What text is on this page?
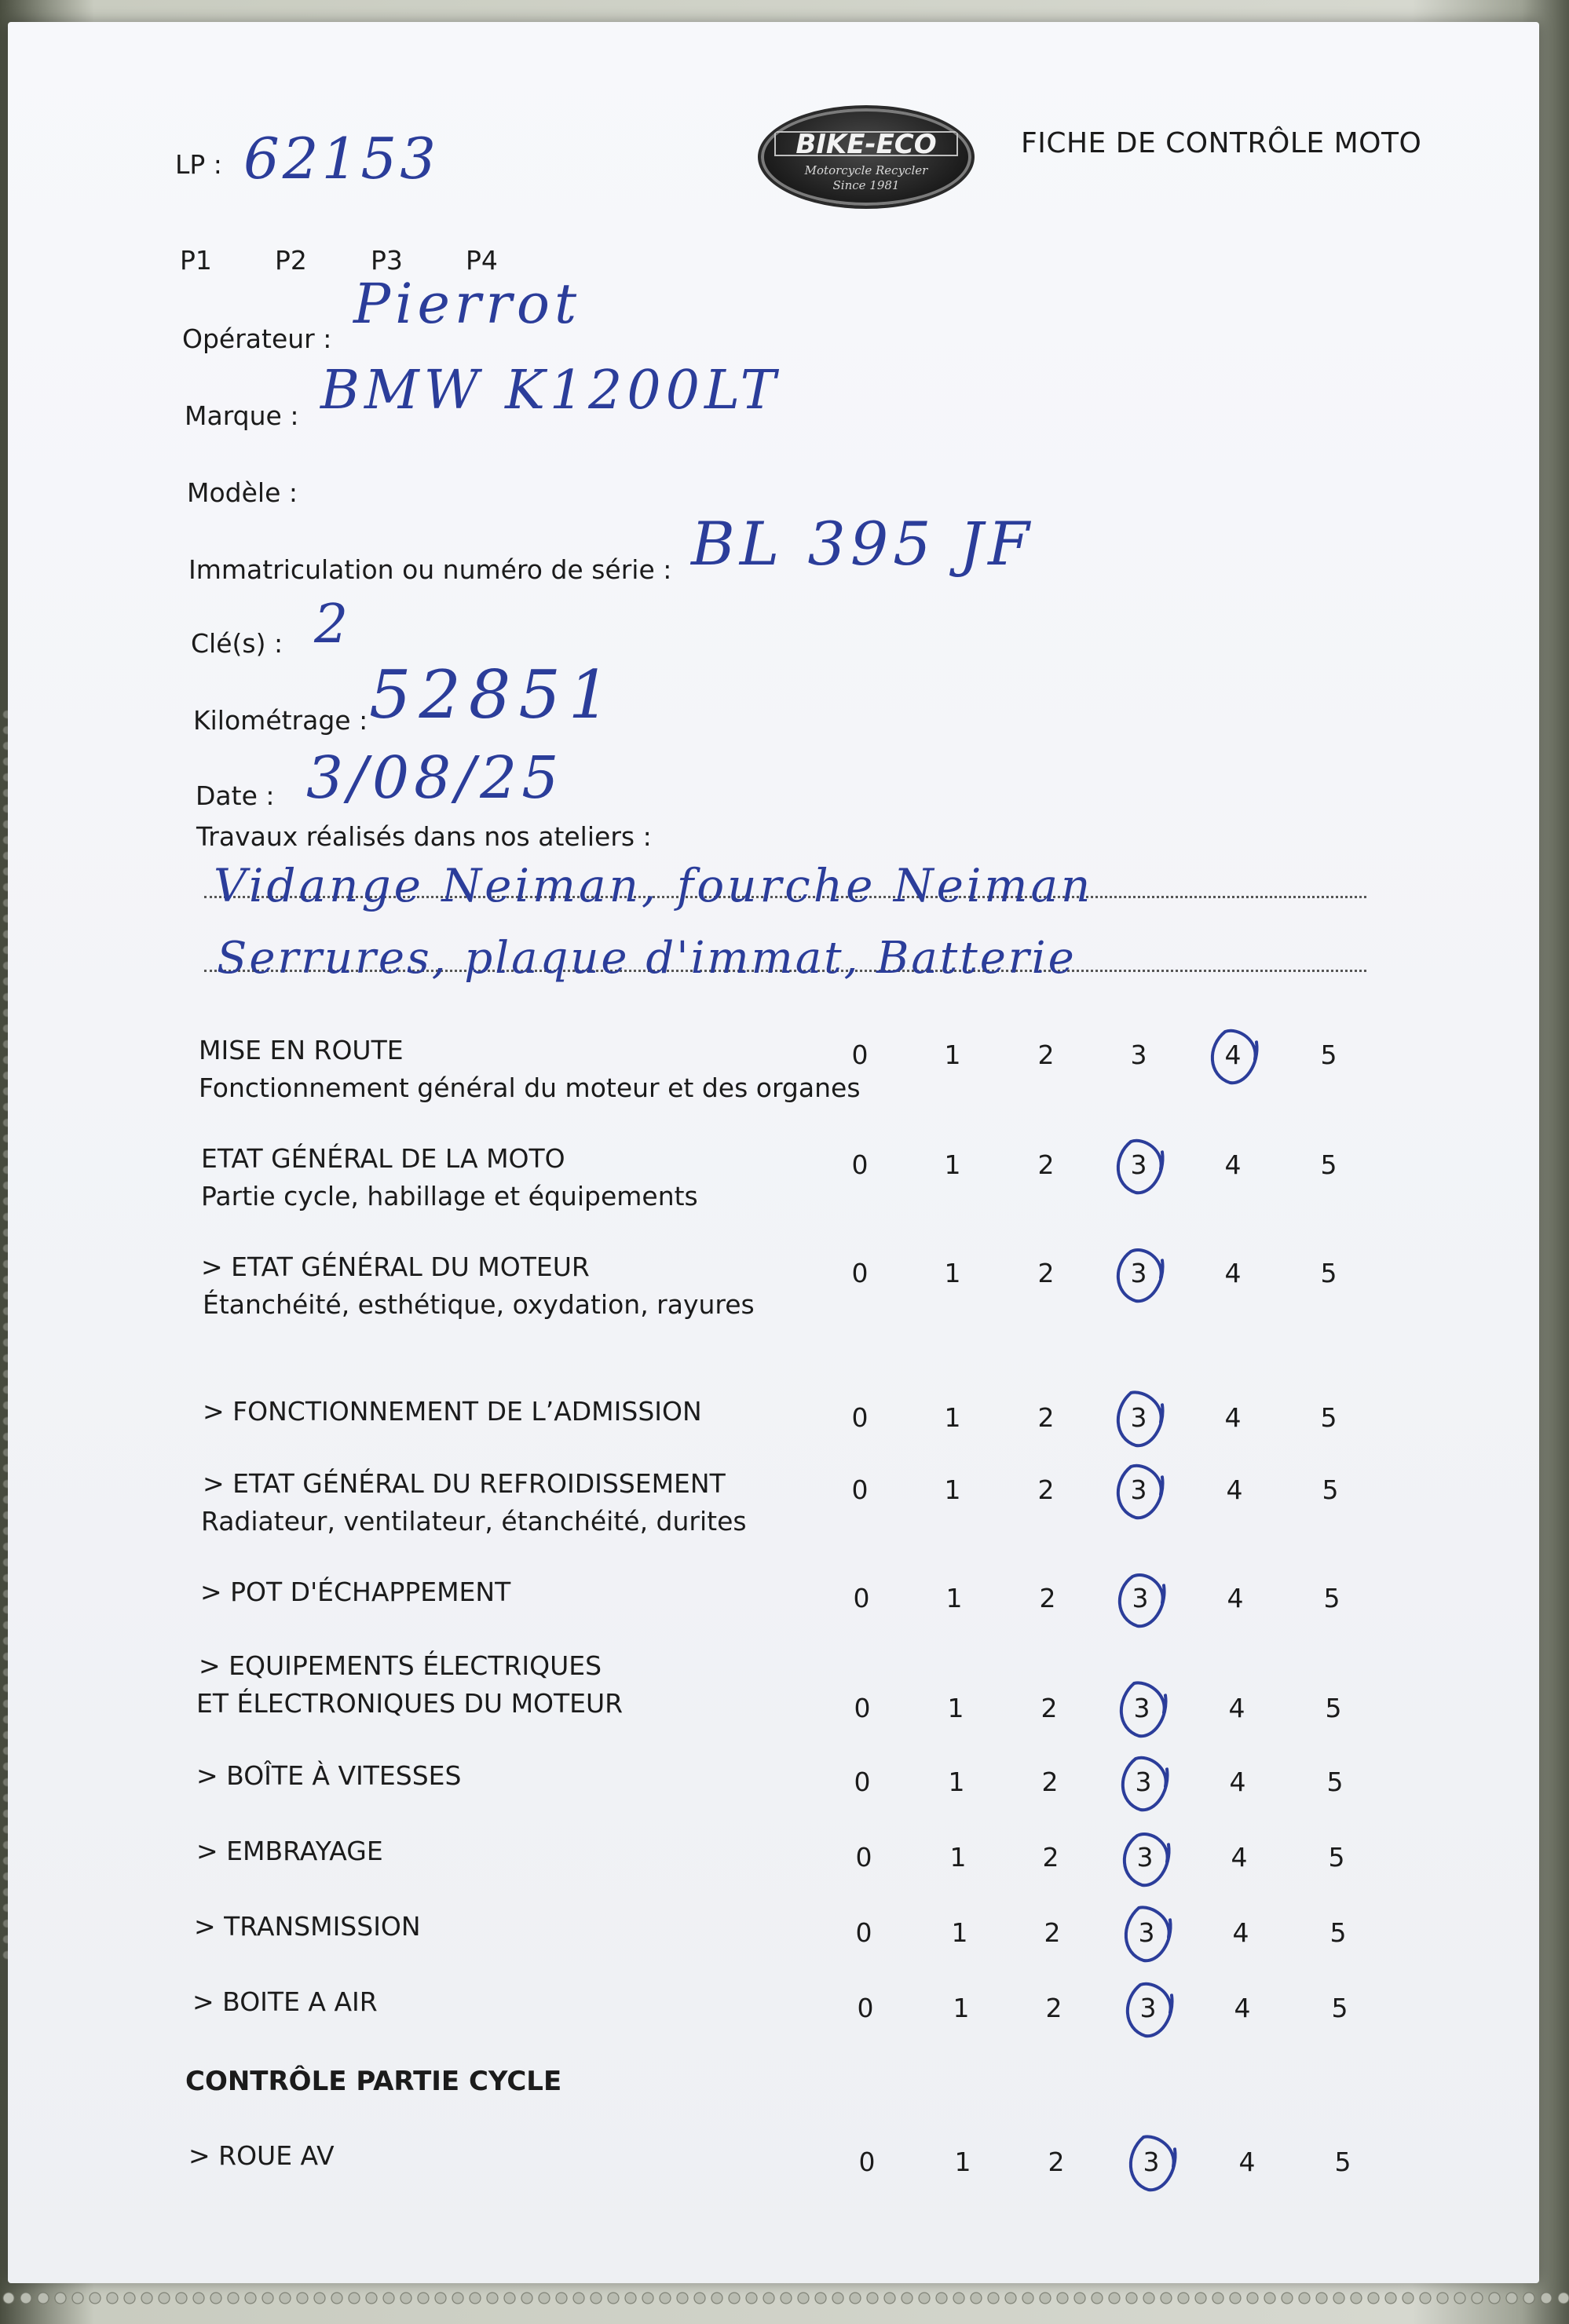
LP : 62153	BIKE-ECO
Motorcycle Recycler
Since 1981
FICHE DE CONTRÔLE MOTO
P1 P2 P3 P4
Opérateur :
Pierrot
Marque : BMW K1200LT
Modèle :
Immatriculation ou numéro de série : BL 395 JF
Clé(s) : 2
Kilométrage : 52851
Date : 3/08/25
Travaux réalisés dans nos ateliers :
Vidange Neiman, fourche Neiman
Serrures, plaque d'immat, Batterie
MISE EN ROUTE
Fonctionnement général du moteur et des organes
0	1	2	3	4	5
ETAT GÉNÉRAL DE LA MOTO
Partie cycle, habillage et équipements
0	1	2	3	4	5
> ETAT GÉNÉRAL DU MOTEUR
Étanchéité, esthétique, oxydation, rayures
0	1	2	3	4	5
> FONCTIONNEMENT DE L’ADMISSION	0	1	2	3	4	5
> ETAT GÉNÉRAL DU REFROIDISSEMENT
Radiateur, ventilateur, étanchéité, durites
0	1	2	3	4	5
> POT D'ÉCHAPPEMENT	0	1	2	3	4	5
> EQUIPEMENTS ÉLECTRIQUES
ET ÉLECTRONIQUES DU MOTEUR	0	1	2	3	4	5
> BOÎTE À VITESSES	0	1	2	3	4	5
> EMBRAYAGE	0	1	2	3	4	5
> TRANSMISSION	0	1	2	3	4	5
> BOITE A AIR	0	1	2	3	4	5
CONTRÔLE PARTIE CYCLE
> ROUE AV	0	1	2	3	4	5
